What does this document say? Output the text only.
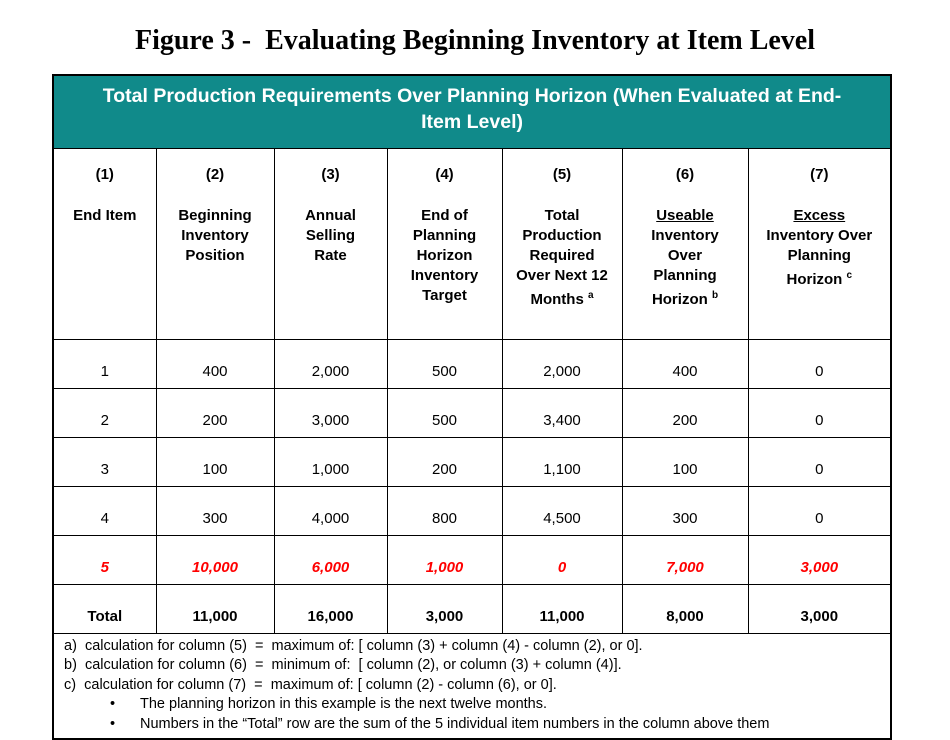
Figure 3 -  Evaluating Beginning Inventory at Item Level
Total Production Requirements Over Planning Horizon (When Evaluated at End-Item Level)						

(1)
End Item

(2)
Beginning
Inventory
Position

(3)
Annual
Selling
Rate

(4)
End of
Planning
Horizon
Inventory
Target

(5)
Total
Production
Required
Over Next 12
Months $^a$

(6)
Useable
Inventory
Over
Planning
Horizon $^b$

(7)
Excess
Inventory Over
Planning
Horizon $^c$

1	400	2,000	500	2,000	400	0
2	200	3,000	500	3,400	200	0
3	100	1,000	200	1,100	100	0
4	300	4,000	800	4,500	300	0
5	10,000	6,000	1,000	0	7,000	3,000
Total	11,000	16,000	3,000	11,000	8,000	3,000

a)  calculation for column (5)  =  maximum of: [ column (3) + column (4) - column (2), or 0].
b)  calculation for column (6)  =  minimum of:  [ column (2), or column (3) + column (4)].
c)  calculation for column (7)  =  maximum of: [ column (2) - column (6), or 0].
•	The planning horizon in this example is the next twelve months.
•	Numbers in the “Total” row are the sum of the 5 individual item numbers in the column above them
